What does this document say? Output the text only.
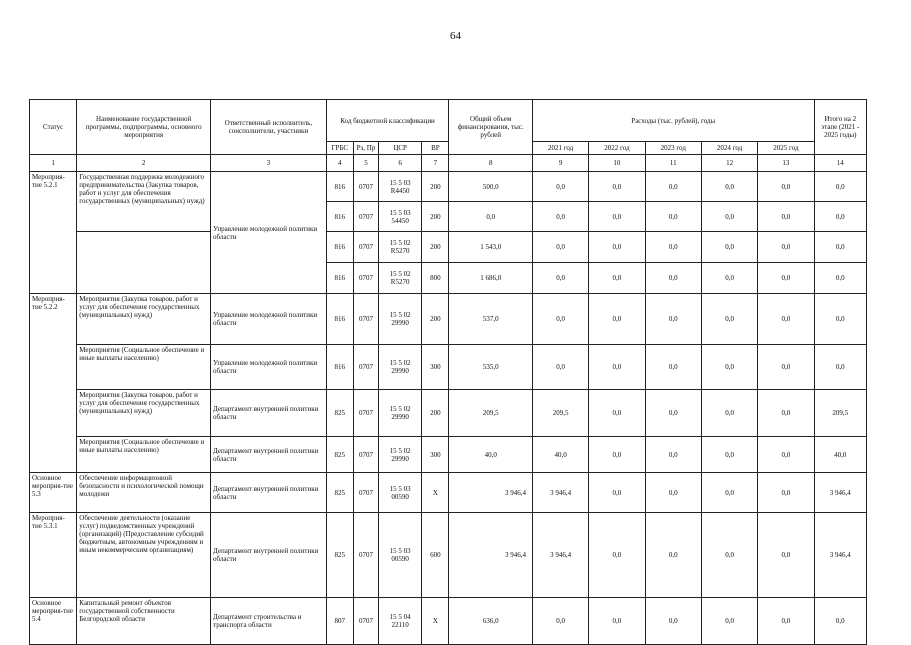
64
Статус	Наименование государственной программы, подпрограммы, основного мероприятия	Ответственный исполнитель, соисполнители, участники	Код бюджетной классификации				Общий объем финансирования, тыс. рублей	Расходы (тыс. рублей), годы					Итого на 2 этапе (2021 - 2025 годы)
			ГРБС	Рз, Пр	ЦСР	ВР		2021 год	2022 год	2023 год	2024 год	2025 год	
1	2	3	4	5	6	7	8	9	10	11	12	13	14
Мероприя-тие 5.2.1	Государственная поддержка молодежного предпринимательства (Закупка товаров, работ и услуг для обеспечения государственных (муниципальных) нужд)	Управление молодежной политики области	816	0707	15 5 03 R4450	200	500,0	0,0	0,0	0,0	0,0	0,0	0,0
			816	0707	15 5 03 54450	200	0,0	0,0	0,0	0,0	0,0	0,0	0,0
			816	0707	15 5 02 R5270	200	1 543,0	0,0	0,0	0,0	0,0	0,0	0,0
			816	0707	15 5 02 R5270	800	1 686,0	0,0	0,0	0,0	0,0	0,0	0,0
Мероприя-тие 5.2.2	Мероприятия (Закупка товаров, работ и услуг для обеспечения государственных (муниципальных) нужд)	Управление молодежной политики области	816	0707	15 5 02 29990	200	537,0	0,0	0,0	0,0	0,0	0,0	0,0
	Мероприятия (Социальное обеспечение и иные выплаты населению)	Управление молодежной политики области	816	0707	15 5 02 29990	300	535,0	0,0	0,0	0,0	0,0	0,0	0,0
	Мероприятия (Закупка товаров, работ и услуг для обеспечения государственных (муниципальных) нужд)	Департамент внутренней политики области	825	0707	15 5 02 29990	200	209,5	209,5	0,0	0,0	0,0	0,0	209,5
	Мероприятия (Социальное обеспечение и иные выплаты населению)	Департамент внутренней политики области	825	0707	15 5 02 29990	300	40,0	40,0	0,0	0,0	0,0	0,0	40,0
Основное мероприя-тие 5.3	Обеспечение информационной безопасности и психологической помощи молодежи	Департамент внутренней политики области	825	0707	15 5 03 00590	Х	3 946,4	3 946,4	0,0	0,0	0,0	0,0	3 946,4
Мероприя-тие 5.3.1	Обеспечение деятельности (оказание услуг) подведомственных учреждений (организаций) (Предоставление субсидий бюджетным, автономным учреждениям и иным некоммерческим организациям)	Департамент внутренней политики области	825	0707	15 5 03 00590	600	3 946,4	3 946,4	0,0	0,0	0,0	0,0	3 946,4
Основное мероприя-тие 5.4	Капитальный ремонт объектов государственной собственности Белгородской области	Департамент строительства и транспорта области	807	0707	15 5 04 22110	Х	636,0	0,0	0,0	0,0	0,0	0,0	0,0
